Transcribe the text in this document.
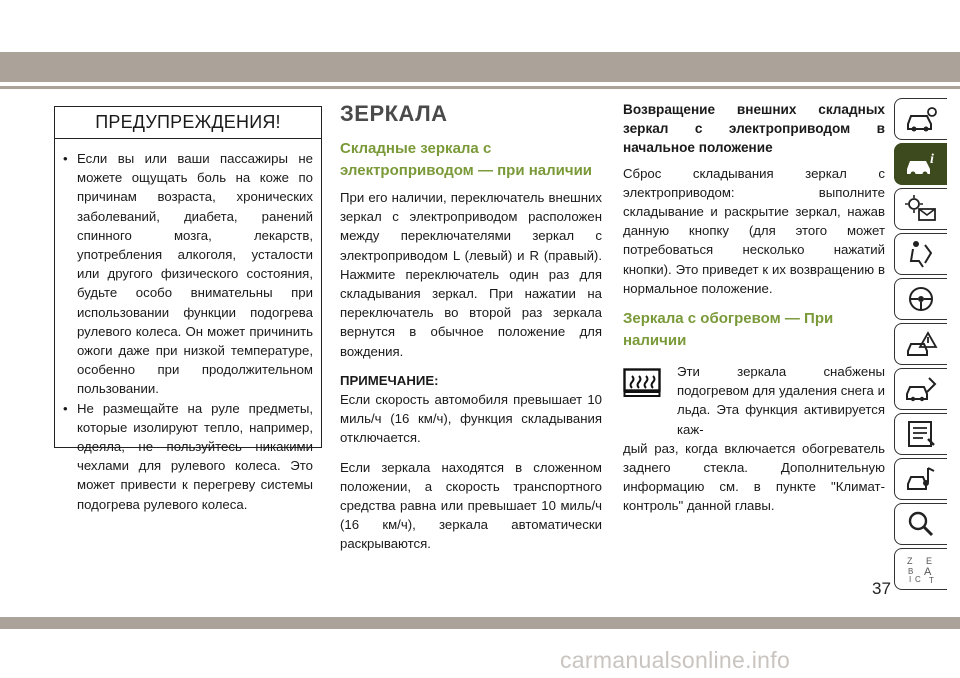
ПРЕДУПРЕЖДЕНИЯ!
• Если вы или ваши пассажиры не можете ощущать боль на коже по причинам возраста, хронических заболеваний, диабета, ранений спинного мозга, лекарств, употребления алкоголя, усталости или другого физического состояния, будьте особо внимательны при использовании функции подогрева рулевого колеса. Он может причинить ожоги даже при низкой температуре, особенно при продолжительном пользовании.
• Не размещайте на руле предметы, которые изолируют тепло, например, одеяла, не пользуйтесь никакими чехлами для рулевого колеса. Это может привести к перегреву системы подогрева рулевого колеса.
ЗЕРКАЛА
Складные зеркала с электроприводом — при наличии

При его наличии, переключатель внешних зеркал с электроприводом расположен между переключателями зеркал с электроприводом L (левый) и R (правый). Нажмите переключатель один раз для складывания зеркал. При нажатии на переключатель во второй раз зеркала вернутся в обычное положение для вождения.

ПРИМЕЧАНИЕ:

Если скорость автомобиля превышает 10 миль/ч (16 км/ч), функция складывания отключается.

Если зеркала находятся в сложенном положении, а скорость транспортного средства равна или превышает 10 миль/ч (16 км/ч), зеркала автоматически раскрываются.

Возвращение внешних складных зеркал с электроприводом в начальное положение

Сброс складывания зеркал с электроприводом: выполните складывание и раскрытие зеркал, нажав данную кнопку (для этого может потребоваться несколько нажатий кнопки). Это приведет к их возвращению в нормальное положение.

Зеркала с обогревом — При наличии

Эти зеркала снабжены подогревом для удаления снега и льда. Эта функция активируется каж-

дый раз, когда включается обогреватель заднего стекла. Дополнительную информацию см. в пункте "Климат-контроль" данной главы.

i
Z E
B A
C
I T
37
carmanualsonline.info
